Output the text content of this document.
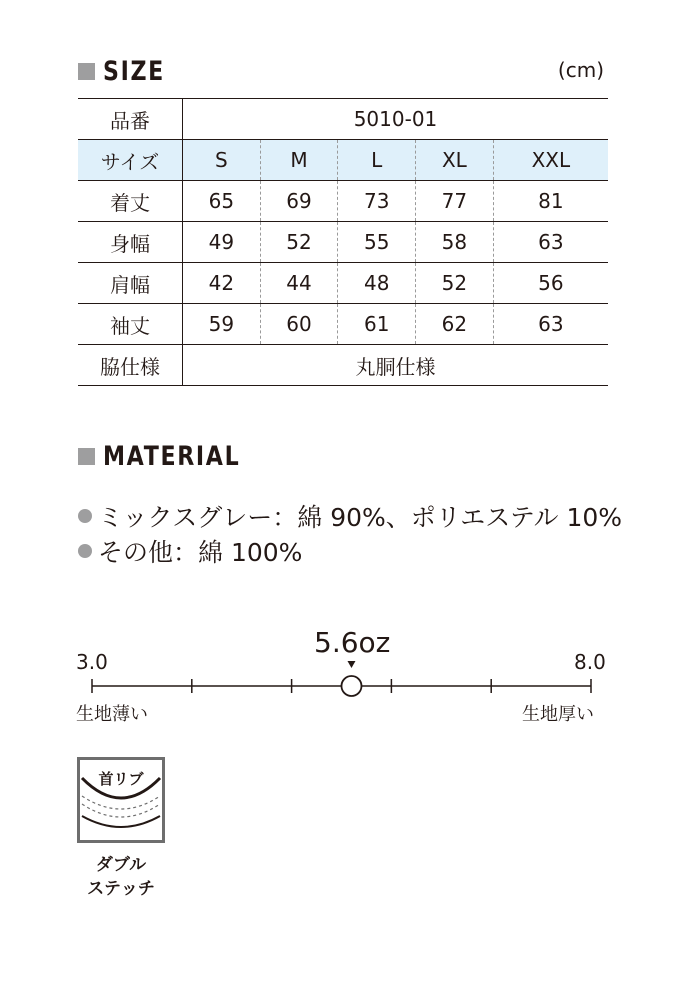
SIZE	(cm)
品番	5010-01				
サイズ	S	M	L	XL	XXL
着丈	65	69	73	77	81
身幅	49	52	55	58	63
肩幅	42	44	48	52	56
袖丈	59	60	61	62	63
脇仕様	丸胴仕様				
MATERIAL
ミックスグレー：綿 90%、ポリエステル 10%
その他：綿 100%
5.6oz
3.0	8.0
生地薄い	生地厚い
首リブ
ダブル
ステッチ
